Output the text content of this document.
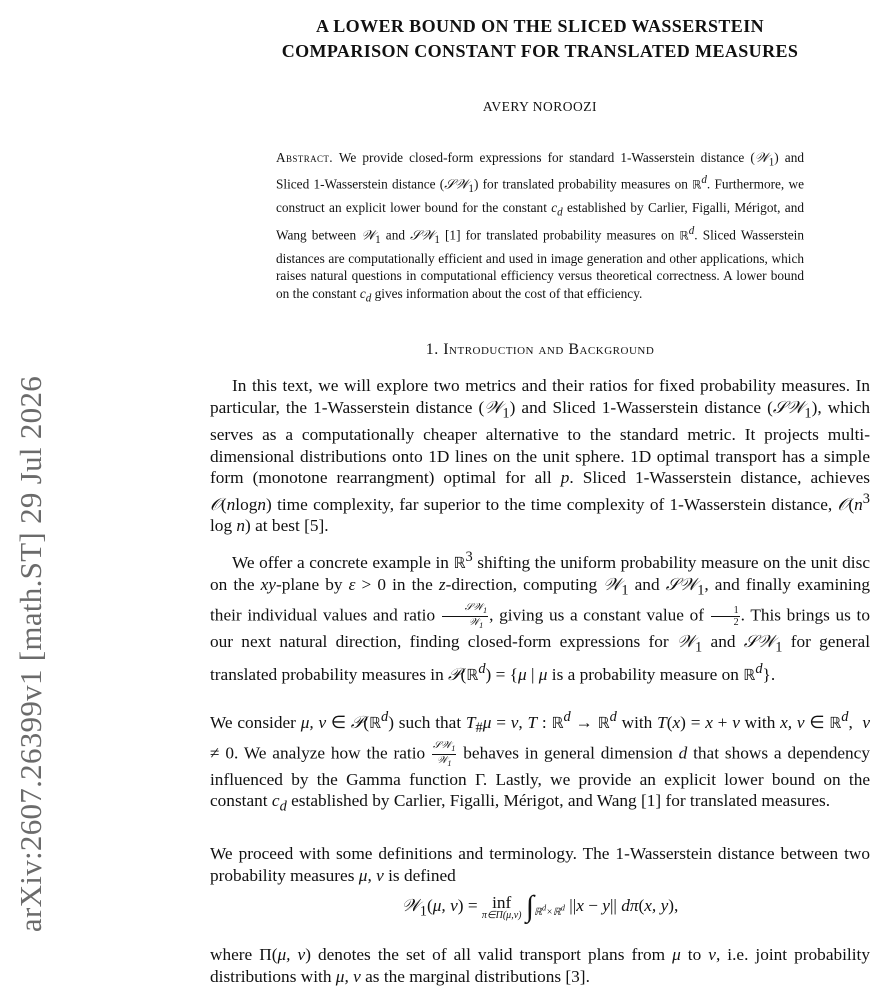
arXiv:2607.26399v1 [math.ST] 29 Jul 2026
A LOWER BOUND ON THE SLICED WASSERSTEIN
COMPARISON CONSTANT FOR TRANSLATED MEASURES
AVERY NOROOZI
Abstract. We provide closed-form expressions for standard 1-Wasserstein distance (𝒲$_1$) and Sliced 1-Wasserstein distance (𝒮𝒲$_1$) for translated probability measures on ℝ$^d$. Furthermore, we construct an explicit lower bound for the constant $c_d$ established by Carlier, Figalli, Mérigot, and Wang between 𝒲$_1$ and 𝒮𝒲$_1$ [1] for translated probability measures on ℝ$^d$. Sliced Wasserstein distances are computationally efficient and used in image generation and other applications, which raises natural questions in computational efficiency versus theoretical correctness. A lower bound on the constant $c_d$ gives information about the cost of that efficiency.
1. Introduction and Background
In this text, we will explore two metrics and their ratios for fixed probability measures. In particular, the 1-Wasserstein distance (𝒲$_1$) and Sliced 1-Wasserstein distance (𝒮𝒲$_1$), which serves as a computationally cheaper alternative to the standard metric. It projects multi-dimensional distributions onto 1D lines on the unit sphere. 1D optimal transport has a simple form (monotone rearrangment) optimal for all p. Sliced 1-Wasserstein distance, achieves 𝒪(nlogn) time complexity, far superior to the time complexity of 1-Wasserstein distance, $𝒪(n^3$ log n) at best [5].
We offer a concrete example in ℝ$^3$ shifting the uniform probability measure on the unit disc on the xy-plane by ε > 0 in the z-direction, computing 𝒲$_1$ and 𝒮𝒲$_1$, and finally examining their individual values and ratio $\frac{𝒮𝒲_1}{𝒲_1}$ , giving us a constant value of $\frac{1}{2}$ . This brings us to our next natural direction, finding closed-form expressions for 𝒲$_1$ and 𝒮𝒲$_1$ for general translated probability measures in 𝒫(ℝ$^d$) = {μ | μ is a probability measure on ℝ$^d$}.
We consider μ, ν ∈ 𝒫(ℝ$^d$) such that $T_{\#}\mu = \nu$, T : ℝ$^d$ → ℝ$^d$ with T(x) = x + v with x, v ∈ ℝ$^d$,  v ≠ 0. We analyze how the ratio $\frac{𝒮𝒲_1}{𝒲_1}$ behaves in general dimension d that shows a dependency influenced by the Gamma function Γ. Lastly, we provide an explicit lower bound on the constant $c_d$ established by Carlier, Figalli, Mérigot, and Wang [1] for translated measures.
We proceed with some definitions and terminology. The 1-Wasserstein distance between two probability measures μ, ν is defined
𝒲$_1$(μ, ν) = inf
π∈Π(μ,ν) $\int_{ℝ^d\times ℝ^d}$ ||x − y|| dπ(x, y),
where Π(μ, ν) denotes the set of all valid transport plans from μ to ν, i.e. joint probability distributions with μ, ν as the marginal distributions [3].
